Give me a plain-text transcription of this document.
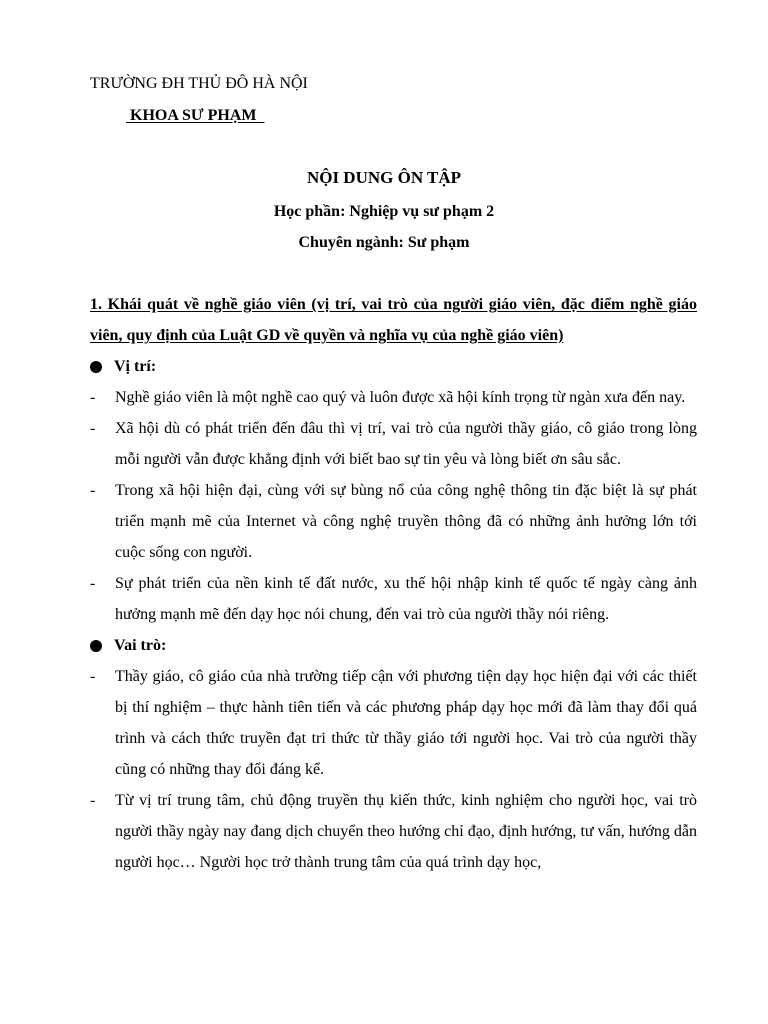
TRƯỜNG ĐH THỦ ĐÔ HÀ NỘI
KHOA SƯ PHẠM
NỘI DUNG ÔN TẬP
Học phần: Nghiệp vụ sư phạm 2
Chuyên ngành: Sư phạm

1. Khái quát về nghề giáo viên (vị trí, vai trò của người giáo viên, đặc điểm nghề giáo viên, quy định của Luật GD về quyền và nghĩa vụ của nghề giáo viên)

Vị trí:

- Nghề giáo viên là một nghề cao quý và luôn được xã hội kính trọng từ ngàn xưa đến nay.

- Xã hội dù có phát triển đến đâu thì vị trí, vai trò của người thầy giáo, cô giáo trong lòng mỗi người vẫn được khẳng định với biết bao sự tin yêu và lòng biết ơn sâu sắc.

- Trong xã hội hiện đại, cùng với sự bùng nổ của công nghệ thông tin đặc biệt là sự phát triển mạnh mẽ của Internet và công nghệ truyền thông đã có những ảnh hưởng lớn tới cuộc sống con người.

- Sự phát triển của nền kinh tế đất nước, xu thế hội nhập kinh tế quốc tế ngày càng ảnh hưởng mạnh mẽ đến dạy học nói chung, đến vai trò của người thầy nói riêng.

Vai trò:

- Thầy giáo, cô giáo của nhà trường tiếp cận với phương tiện dạy học hiện đại với các thiết bị thí nghiệm – thực hành tiên tiến và các phương pháp dạy học mới đã làm thay đổi quá trình và cách thức truyền đạt tri thức từ thầy giáo tới người học. Vai trò của người thầy cũng có những thay đổi đáng kể.

- Từ vị trí trung tâm, chủ động truyền thụ kiến thức, kinh nghiệm cho người học, vai trò người thầy ngày nay đang dịch chuyển theo hướng chỉ đạo, định hướng, tư vấn, hướng dẫn người học… Người học trở thành trung tâm của quá trình dạy học,
